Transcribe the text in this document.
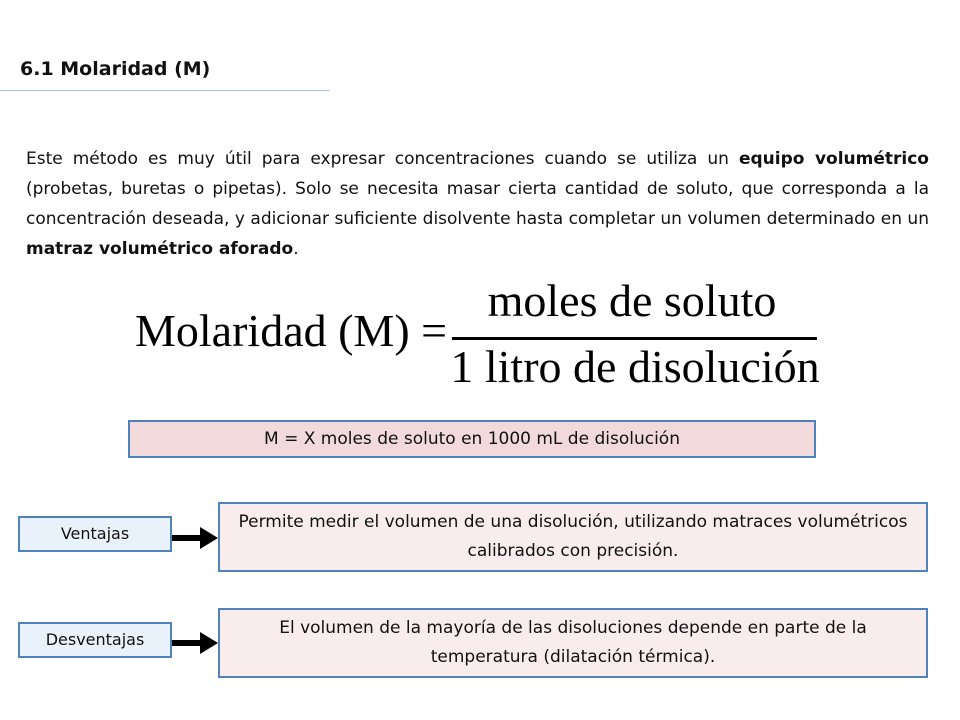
6.1 Molaridad (M)
Este método es muy útil para expresar concentraciones cuando se utiliza un equipo volumétrico (probetas, buretas o pipetas). Solo se necesita masar cierta cantidad de soluto, que corresponda a la concentración deseada, y adicionar suficiente disolvente hasta completar un volumen determinado en un matraz volumétrico aforado.
Molaridad (M) =
moles de soluto
1 litro de disolución
M = X moles de soluto en 1000 mL de disolución
Ventajas
Permite medir el volumen de una disolución, utilizando matraces volumétricos calibrados con precisión.
Desventajas
El volumen de la mayoría de las disoluciones depende en parte de la temperatura (dilatación térmica).
